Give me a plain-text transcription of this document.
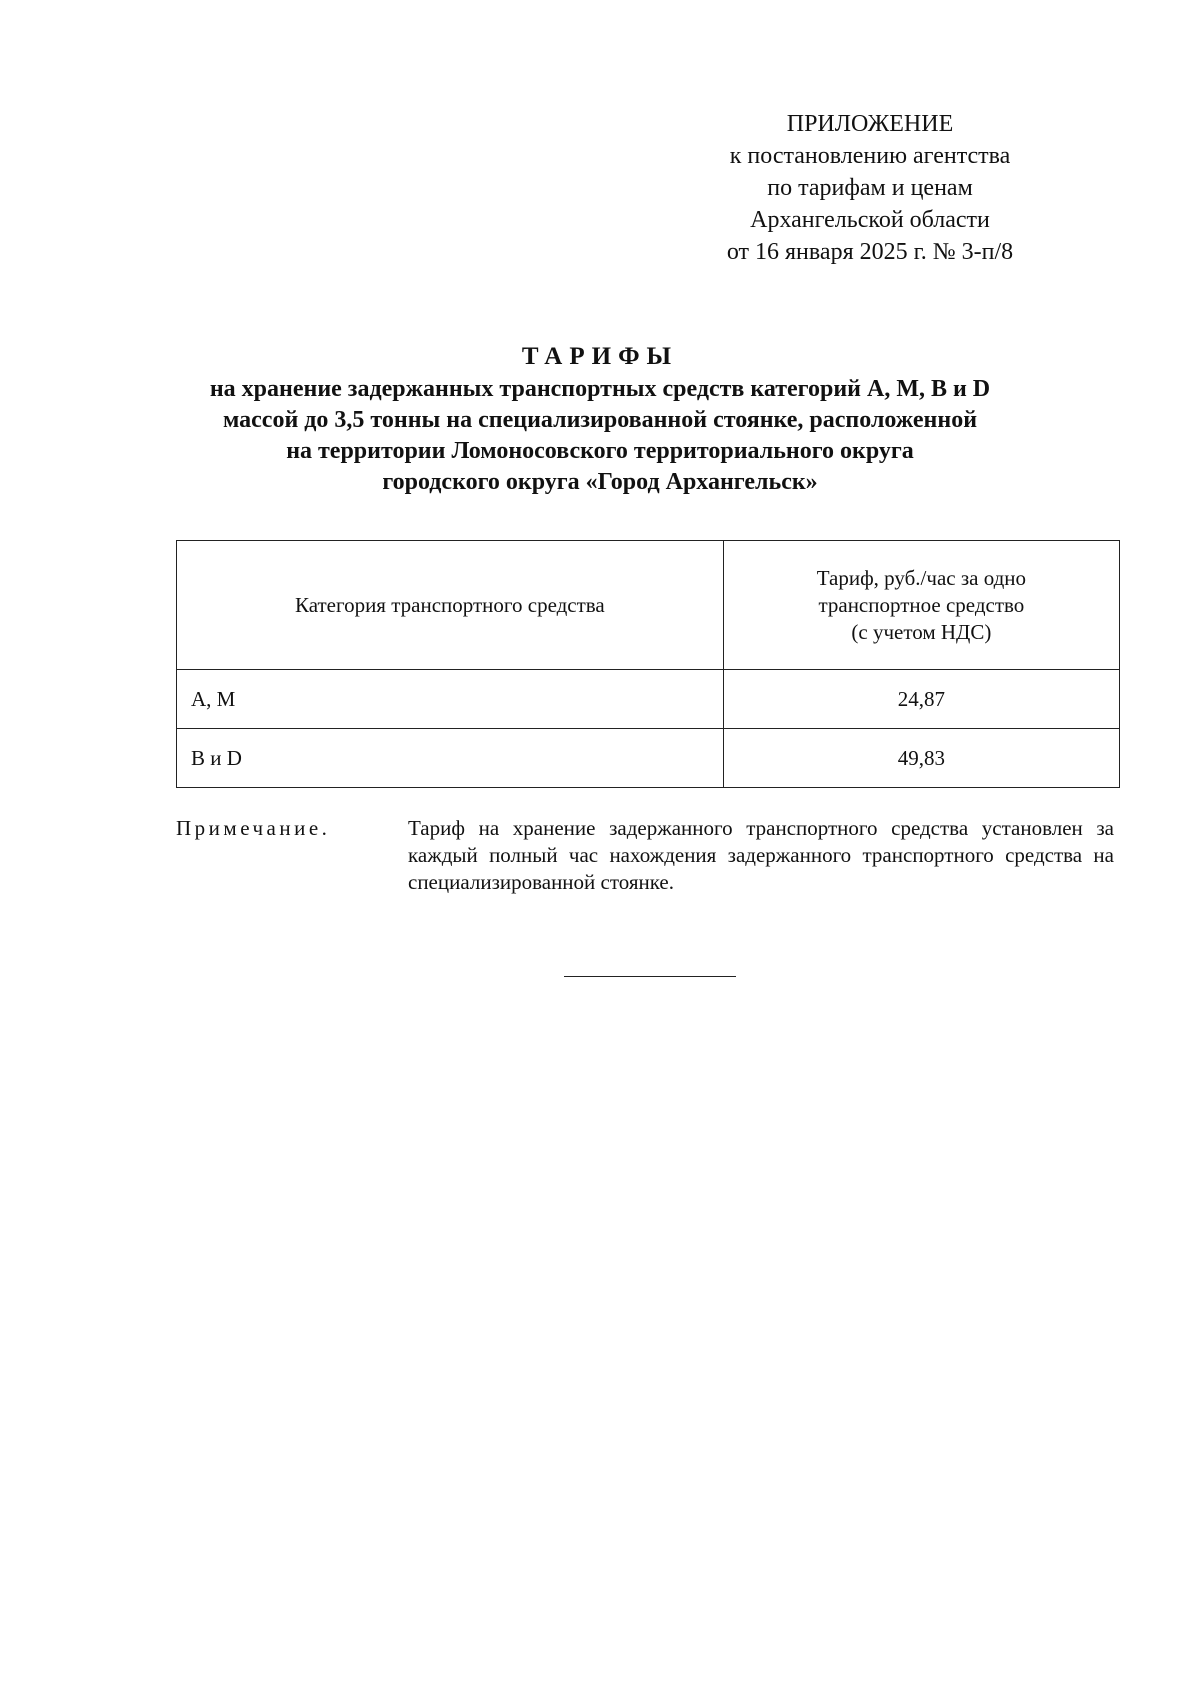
ПРИЛОЖЕНИЕ
к постановлению агентства
по тарифам и ценам
Архангельской области
от 16 января 2025 г. № 3-п/8
ТАРИФЫ
на хранение задержанных транспортных средств категорий A, M, B и D
массой до 3,5 тонны на специализированной стоянке, расположенной
на территории Ломоносовского территориального округа
городского округа «Город Архангельск»
Категория транспортного средства	Тариф, руб./час за одно
транспортное средство
(с учетом НДС)

A, M	24,87
B и D	49,83
Примечание.	Тариф на хранение задержанного транспортного средства установлен за каждый полный час нахождения задержанного транспортного средства на специализированной стоянке.
